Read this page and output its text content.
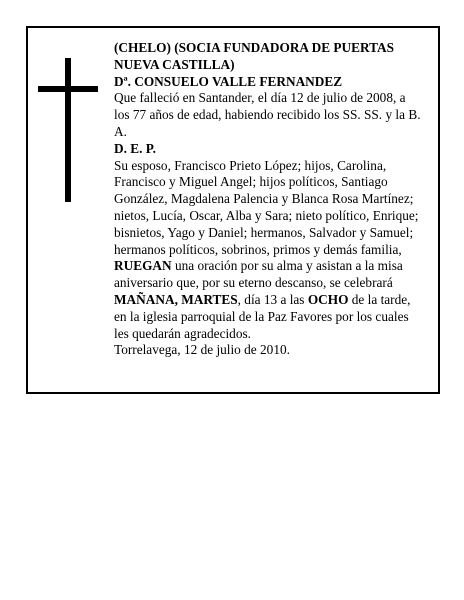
(CHELO) (SOCIA FUNDADORA DE PUERTAS NUEVA CASTILLA)

Dª. CONSUELO VALLE FERNANDEZ

Que falleció en Santander, el día 12 de julio de 2008, a los 77 años de edad, habiendo recibido los SS. SS. y la B. A.

D. E. P.

Su esposo, Francisco Prieto López; hijos, Carolina, Francisco y Miguel Angel; hijos políticos, Santiago González, Magdalena Palencia y Blanca Rosa Martínez; nietos, Lucía, Oscar, Alba y Sara; nieto político, Enrique; bisnietos, Yago y Daniel; hermanos, Salvador y Samuel; hermanos políticos, sobrinos, primos y demás familia,

RUEGAN una oración por su alma y asistan a la misa aniversario que, por su eterno descanso, se celebrará MAÑANA, MARTES, día 13 a las OCHO de la tarde, en la iglesia parroquial de la Paz Favores por los cuales les quedarán agradecidos.

Torrelavega, 12 de julio de 2010.
